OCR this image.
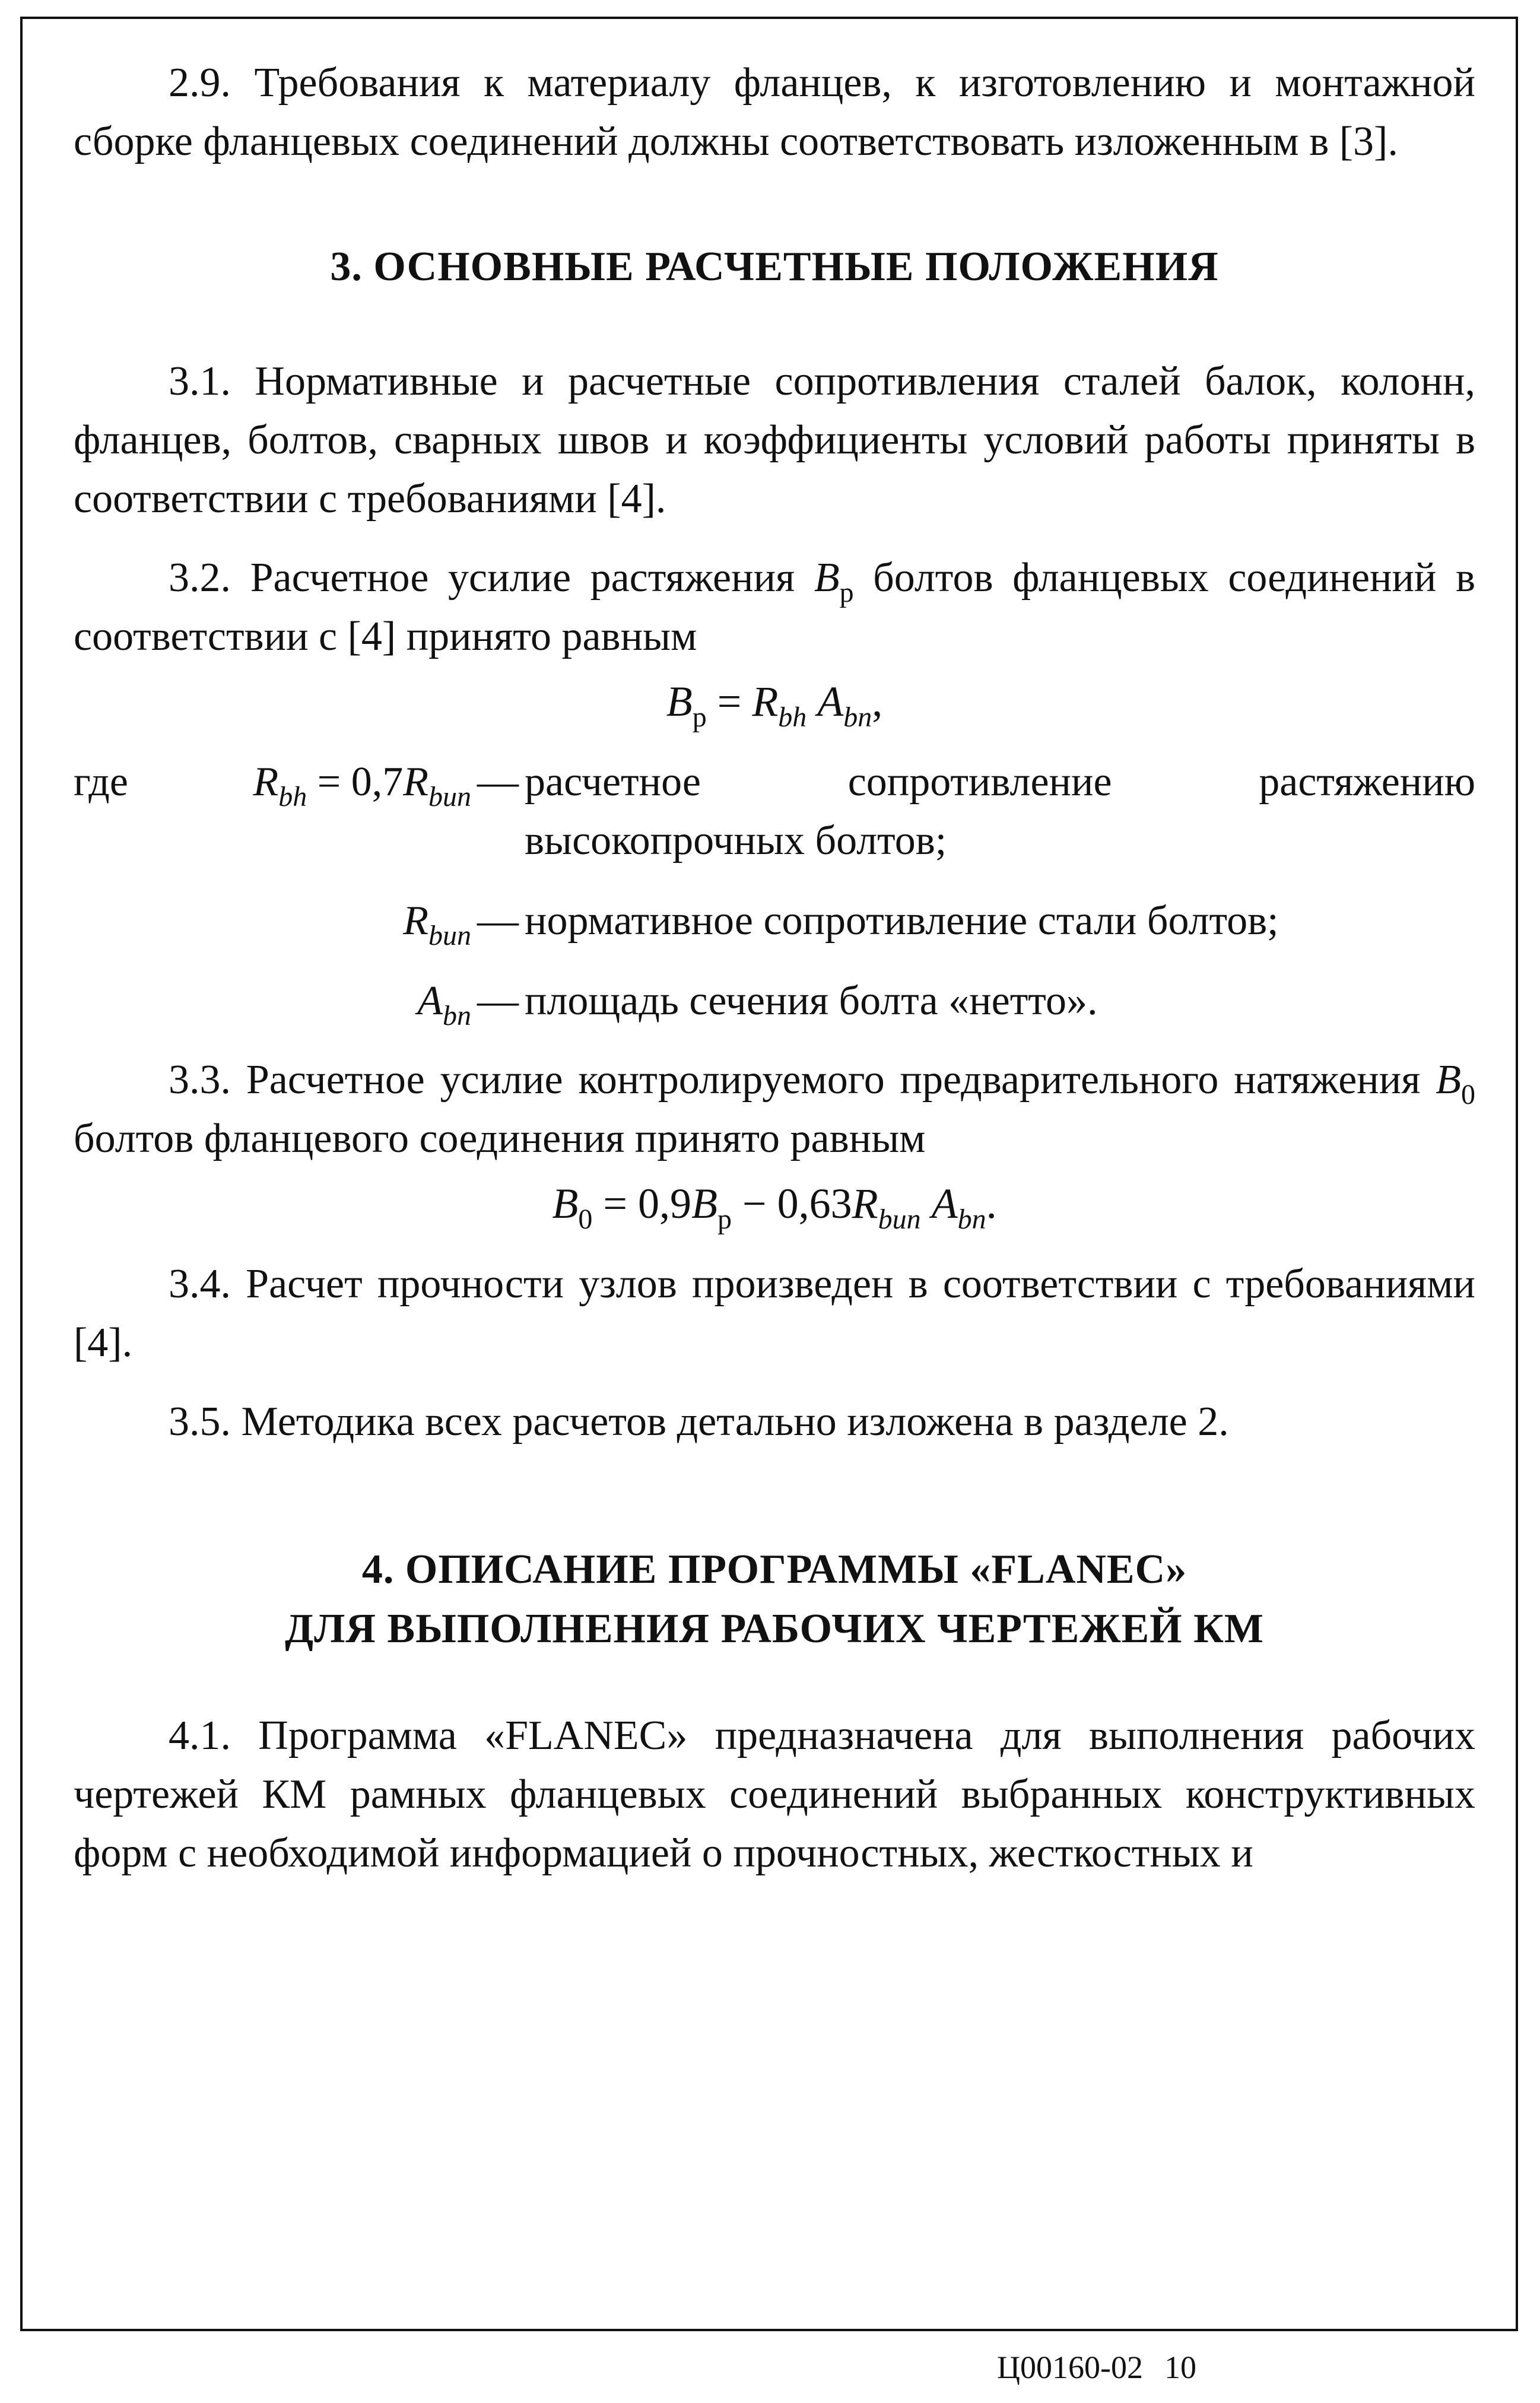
2.9. Требования к материалу фланцев, к изготовлению и монтажной сборке фланцевых соединений должны соответствовать изложенным в [3].

3. ОСНОВНЫЕ РАСЧЕТНЫЕ ПОЛОЖЕНИЯ

3.1. Нормативные и расчетные сопротивления сталей балок, колонн, фланцев, болтов, сварных швов и коэффициенты условий работы приняты в соответствии с требованиями [4].

3.2. Расчетное усилие растяжения $B_р$ болтов фланцевых соединений в соответствии с [4] принято равным

$B_р = R_{bh}$ $A_{bn}$,

где	$R_{bh} = 0,7R_{bun}$ — расчетное сопротивление растяжению высокопрочных болтов;
$R_{bun}$ — нормативное сопротивление стали болтов;
$A_{bn}$ — площадь сечения болта «нетто».

3.3. Расчетное усилие контролируемого предварительного натяжения $B_0$ болтов фланцевого соединения принято равным

$B_0 = 0,9B_р - 0,63R_{bun}$ $A_{bn}$.

3.4. Расчет прочности узлов произведен в соответствии с требованиями [4].

3.5. Методика всех расчетов детально изложена в разделе 2.

4. ОПИСАНИЕ ПРОГРАММЫ «FLANEC»

ДЛЯ ВЫПОЛНЕНИЯ РАБОЧИХ ЧЕРТЕЖЕЙ КМ

4.1. Программа «FLANEC» предназначена для выполнения рабочих чертежей КМ рамных фланцевых соединений выбранных конструктивных форм с необходимой информацией о прочностных, жесткостных и

Ц00160-02 10
